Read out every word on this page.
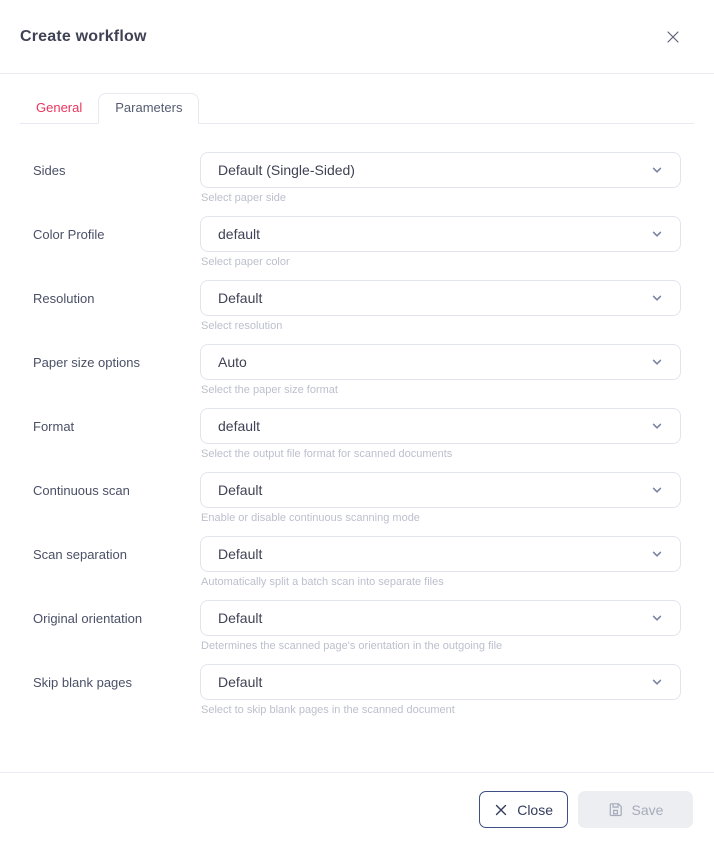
Create workflow
General	Parameters
Sides	Default (Single-Sided)
Select paper side
Color Profile	default
Select paper color
Resolution	Default
Select resolution
Paper size options	Auto
Select the paper size format
Format	default
Select the output file format for scanned documents
Continuous scan	Default
Enable or disable continuous scanning mode
Scan separation	Default
Automatically split a batch scan into separate files
Original orientation	Default
Determines the scanned page's orientation in the outgoing file
Skip blank pages	Default
Select to skip blank pages in the scanned document
Close	Save
